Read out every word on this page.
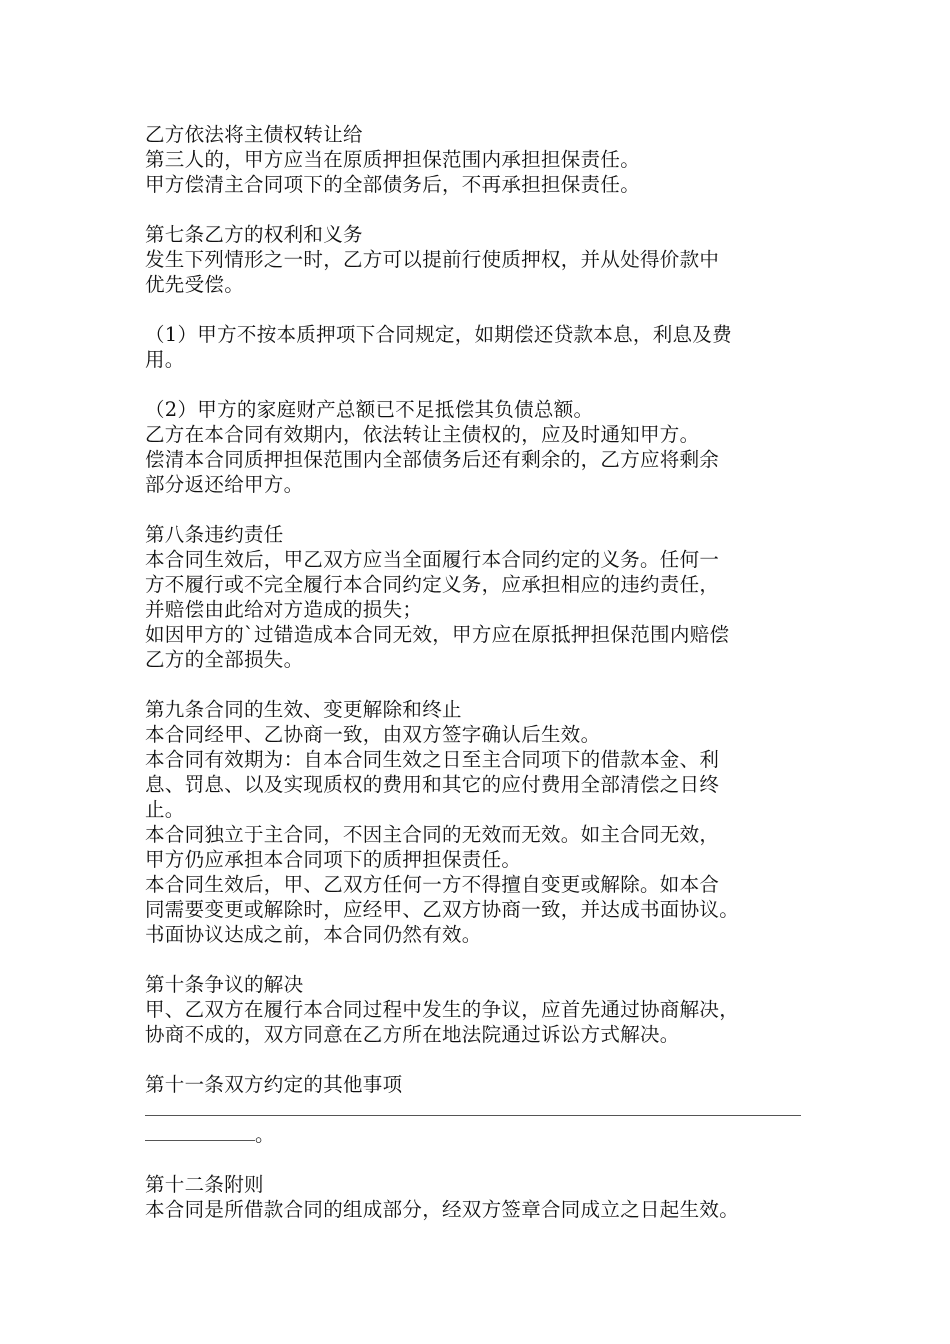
乙方依法将主债权转让给
第三人的，甲方应当在原质押担保范围内承担担保责任。
甲方偿清主合同项下的全部债务后，不再承担担保责任。
第七条乙方的权利和义务
发生下列情形之一时，乙方可以提前行使质押权，并从处得价款中
优先受偿。
（1）甲方不按本质押项下合同规定，如期偿还贷款本息，利息及费
用。
（2）甲方的家庭财产总额已不足抵偿其负债总额。
乙方在本合同有效期内，依法转让主债权的，应及时通知甲方。
偿清本合同质押担保范围内全部债务后还有剩余的，乙方应将剩余
部分返还给甲方。
第八条违约责任
本合同生效后，甲乙双方应当全面履行本合同约定的义务。任何一
方不履行或不完全履行本合同约定义务，应承担相应的违约责任，
并赔偿由此给对方造成的损失；
如因甲方的`过错造成本合同无效，甲方应在原抵押担保范围内赔偿
乙方的全部损失。
第九条合同的生效、变更解除和终止
本合同经甲、乙协商一致，由双方签字确认后生效。
本合同有效期为：自本合同生效之日至主合同项下的借款本金、利
息、罚息、以及实现质权的费用和其它的应付费用全部清偿之日终
止。
本合同独立于主合同，不因主合同的无效而无效。如主合同无效，
甲方仍应承担本合同项下的质押担保责任。
本合同生效后，甲、乙双方任何一方不得擅自变更或解除。如本合
同需要变更或解除时，应经甲、乙双方协商一致，并达成书面协议。
书面协议达成之前，本合同仍然有效。
第十条争议的解决
甲、乙双方在履行本合同过程中发生的争议，应首先通过协商解决，
协商不成的，双方同意在乙方所在地法院通过诉讼方式解决。
第十一条双方约定的其他事项
。
第十二条附则
本合同是所借款合同的组成部分，经双方签章合同成立之日起生效。
